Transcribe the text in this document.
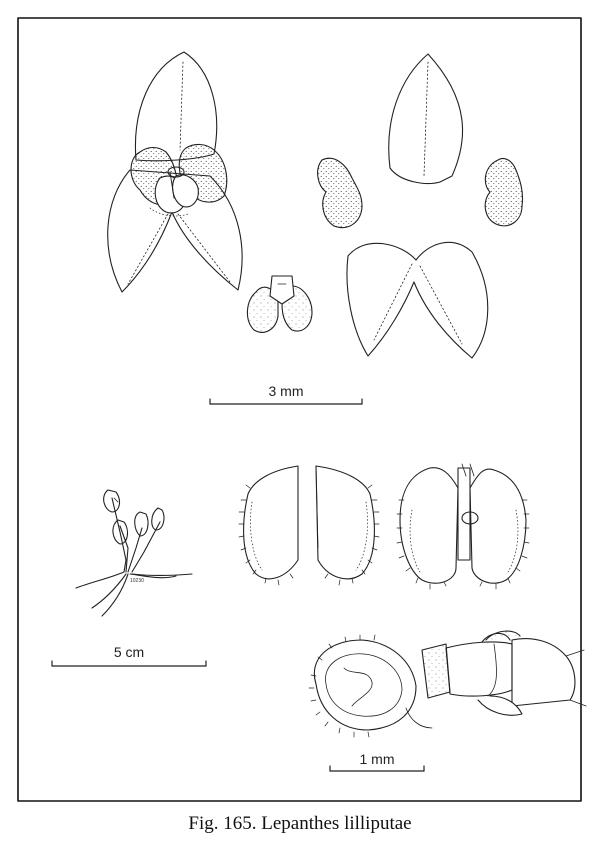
3 mm
10230
5 cm
1 mm
Fig. 165. Lepanthes lilliputae
